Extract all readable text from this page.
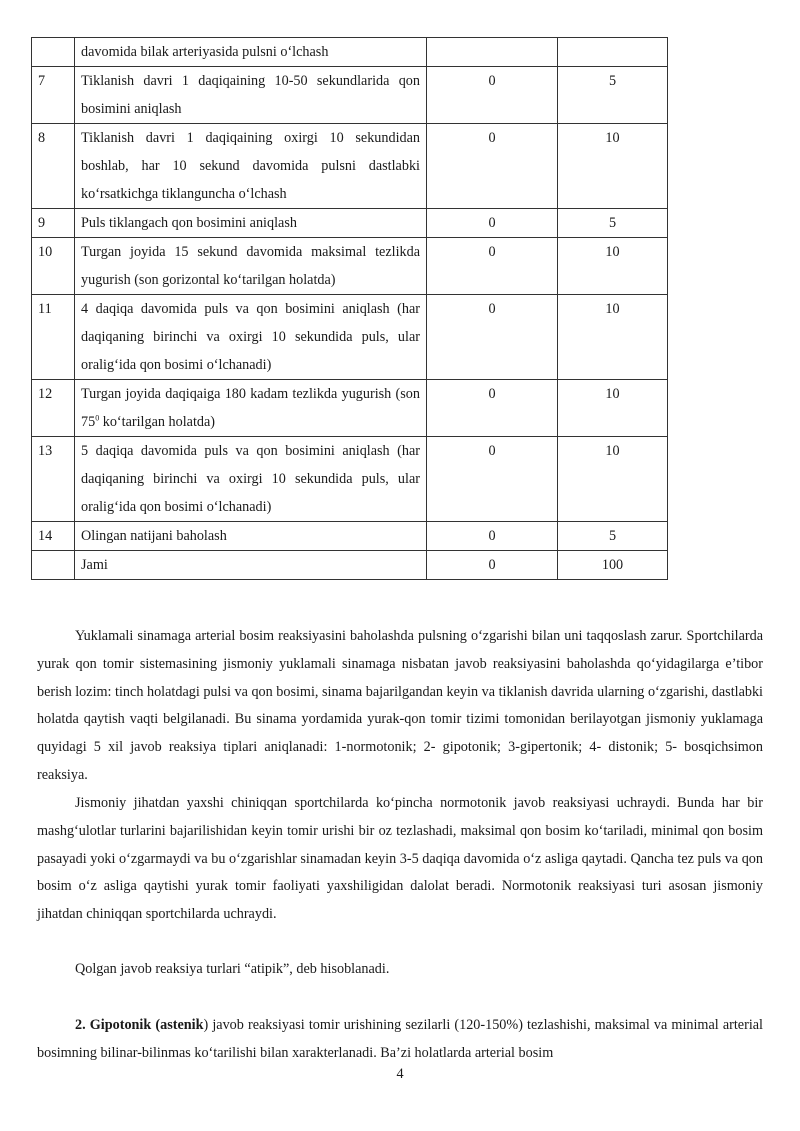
	davomida bilak arteriyasida pulsni o‘lchash		
7	Tiklanish davri 1 daqiqaining 10-50 sekundlarida qon bosimini aniqlash	0	5
8	Tiklanish davri 1 daqiqaining oxirgi 10 sekundidan boshlab, har 10 sekund davomida pulsni dastlabki ko‘rsatkichga tiklanguncha o‘lchash	0	10
9	Puls tiklangach qon bosimini aniqlash	0	5
10	Turgan joyida 15 sekund davomida maksimal tezlikda yugurish (son gorizontal ko‘tarilgan holatda)	0	10
11	4 daqiqa davomida puls va qon bosimini aniqlash (har daqiqaning birinchi va oxirgi 10 sekundida puls, ular oralig‘ida qon bosimi o‘lchanadi)	0	10
12	Turgan joyida daqiqaiga 180 kadam tezlikda yugurish (son $75^0$ ko‘tarilgan holatda)	0	10
13	5 daqiqa davomida puls va qon bosimini aniqlash (har daqiqaning birinchi va oxirgi 10 sekundida puls, ular oralig‘ida qon bosimi o‘lchanadi)	0	10
14	Olingan natijani baholash	0	5
	Jami	0	100

Yuklamali sinamaga arterial bosim reaksiyasini baholashda pulsning o‘zgarishi bilan uni taqqoslash zarur. Sportchilarda yurak qon tomir sistemasining jismoniy yuklamali sinamaga nisbatan javob reaksiyasini baholashda qo‘yidagilarga e’tibor berish lozim: tinch holatdagi pulsi va qon bosimi, sinama bajarilgandan keyin va tiklanish davrida ularning o‘zgarishi, dastlabki holatda qaytish vaqti belgilanadi. Bu sinama yordamida yurak-qon tomir tizimi tomonidan berilayotgan jismoniy yuklamaga quyidagi 5 xil javob reaksiya tiplari aniqlanadi: 1-normotonik; 2- gipotonik; 3-gipertonik; 4- distonik; 5- bosqichsimon reaksiya.

Jismoniy jihatdan yaxshi chiniqqan sportchilarda ko‘pincha normotonik javob reaksiyasi uchraydi. Bunda har bir mashg‘ulotlar turlarini bajarilishidan keyin tomir urishi bir oz tezlashadi, maksimal qon bosim ko‘tariladi, minimal qon bosim pasayadi yoki o‘zgarmaydi va bu o‘zgarishlar sinamadan keyin 3-5 daqiqa davomida o‘z asliga qaytadi. Qancha tez puls va qon bosim o‘z asliga qaytishi yurak tomir faoliyati yaxshiligidan dalolat beradi. Normotonik reaksiyasi turi asosan jismoniy jihatdan chiniqqan sportchilarda uchraydi.

Qolgan javob reaksiya turlari “atipik”, deb hisoblanadi.

2. Gipotonik (astenik) javob reaksiyasi tomir urishining sezilarli (120-150%) tezlashishi, maksimal va minimal arterial bosimning bilinar-bilinmas ko‘tarilishi bilan xarakterlanadi. Ba’zi holatlarda arterial bosim

4
